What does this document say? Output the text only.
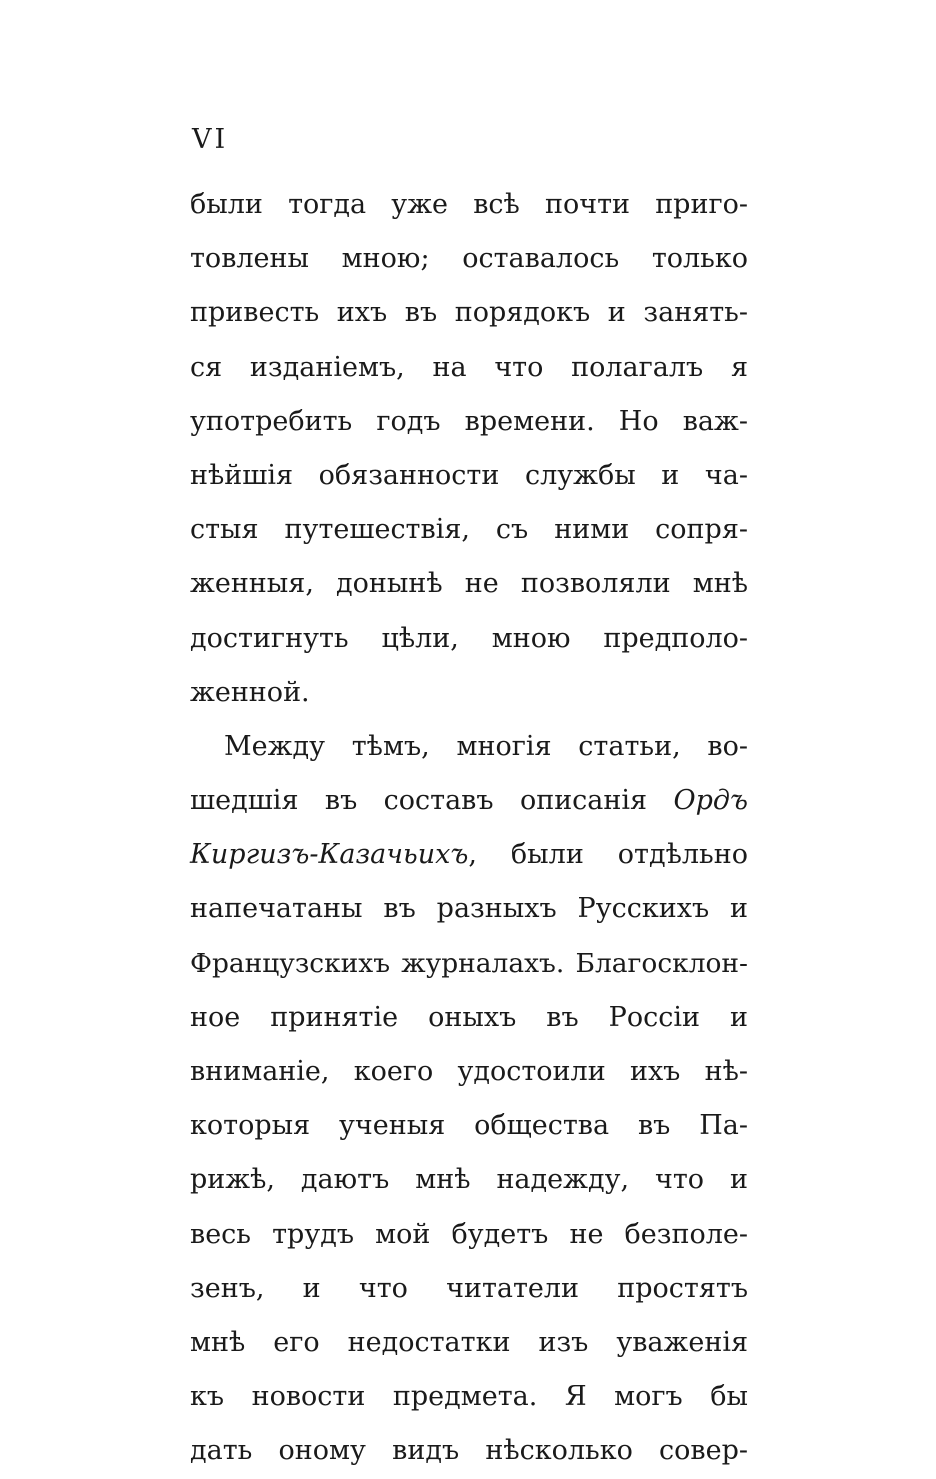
VI
были тогда уже всѣ почти приго-
товлены мною; оставалось только
привесть ихъ въ порядокъ и занять-
ся изданіемъ, на что полагалъ я
употребить годъ времени. Но важ-
нѣйшія обязанности службы и ча-
стыя путешествія, съ ними сопря-
женныя, донынѣ не позволяли мнѣ
достигнуть цѣли, мною предполо-
женной.
Между тѣмъ, многія статьи, во-
шедшія въ составъ описанія Ордъ
Киргизъ-Казачьихъ, были отдѣльно
напечатаны въ разныхъ Русскихъ и
Французскихъ журналахъ. Благосклон-
ное принятіе оныхъ въ Россіи и
вниманіе, коего удостоили ихъ нѣ-
которыя ученыя общества въ Па-
рижѣ, даютъ мнѣ надежду, что и
весь трудъ мой будетъ не безполе-
зенъ, и что читатели простятъ
мнѣ его недостатки изъ уваженія
къ новости предмета. Я могъ бы
дать оному видъ нѣсколько совер-
